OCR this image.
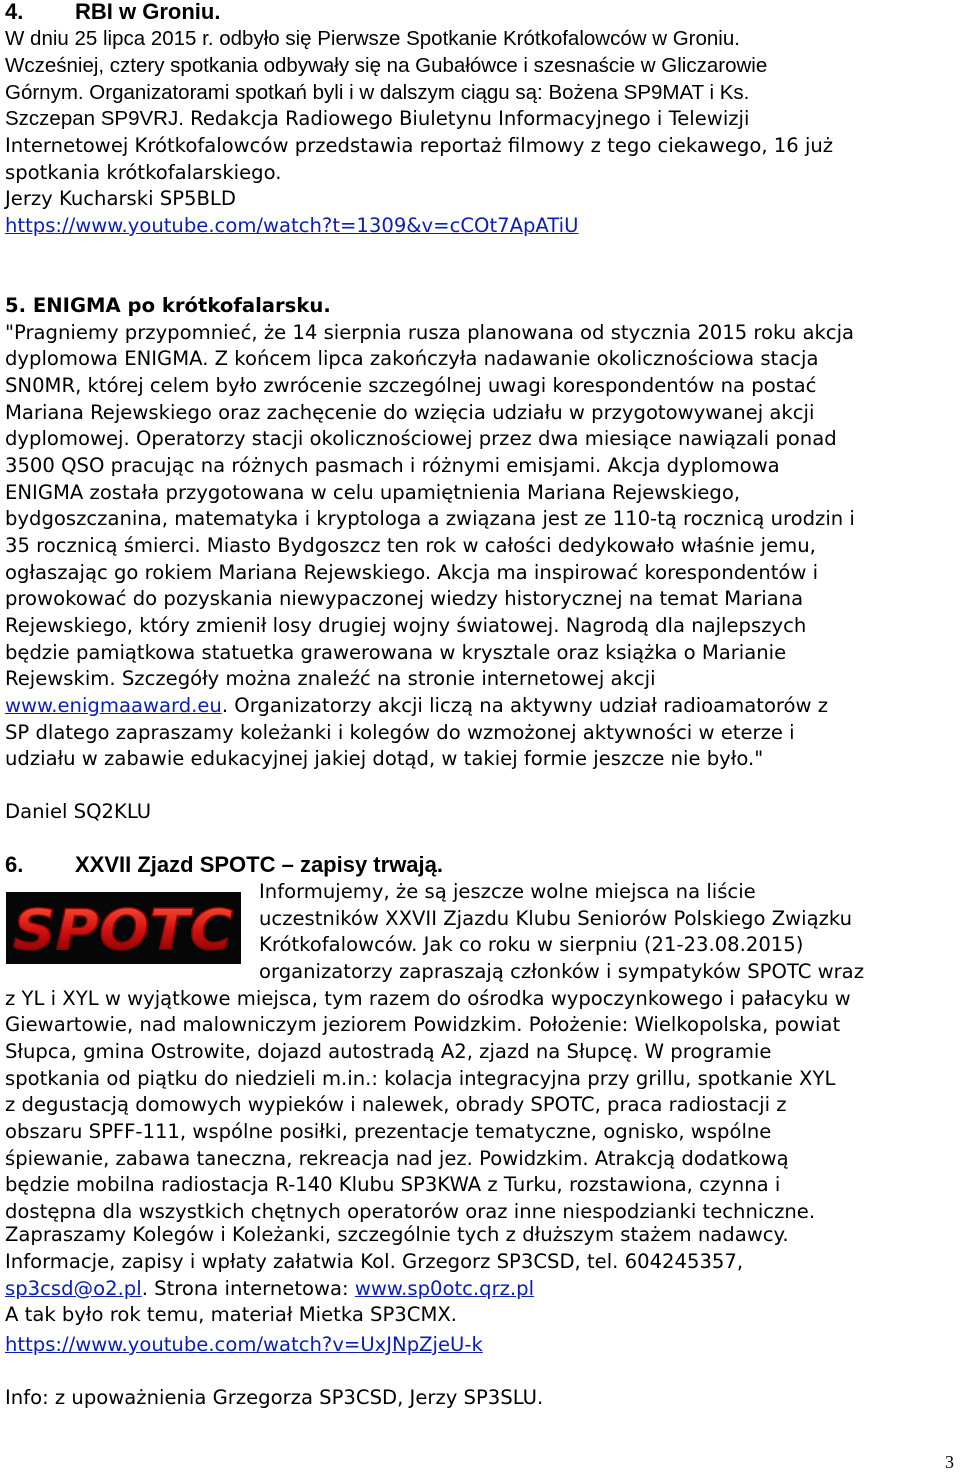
4. RBI w Groniu.
W dniu 25 lipca 2015 r. odbyło się Pierwsze Spotkanie Krótkofalowców w Groniu.
Wcześniej, cztery spotkania odbywały się na Gubałówce i szesnaście w Gliczarowie
Górnym. Organizatorami spotkań byli i w dalszym ciągu są: Bożena SP9MAT i Ks.
Szczepan SP9VRJ. Redakcja Radiowego Biuletynu Informacyjnego i Telewizji
Internetowej Krótkofalowców przedstawia reportaż filmowy z tego ciekawego, 16 już
spotkania krótkofalarskiego.
Jerzy Kucharski SP5BLD
https://www.youtube.com/watch?t=1309&v=cCOt7ApATiU
5. ENIGMA po krótkofalarsku.
"Pragniemy przypomnieć, że 14 sierpnia rusza planowana od stycznia 2015 roku akcja
dyplomowa ENIGMA. Z końcem lipca zakończyła nadawanie okolicznościowa stacja
SN0MR, której celem było zwrócenie szczególnej uwagi korespondentów na postać
Mariana Rejewskiego oraz zachęcenie do wzięcia udziału w przygotowywanej akcji
dyplomowej. Operatorzy stacji okolicznościowej przez dwa miesiące nawiązali ponad
3500 QSO pracując na różnych pasmach i różnymi emisjami. Akcja dyplomowa
ENIGMA została przygotowana w celu upamiętnienia Mariana Rejewskiego,
bydgoszczanina, matematyka i kryptologa a związana jest ze 110-tą rocznicą urodzin i
35 rocznicą śmierci. Miasto Bydgoszcz ten rok w całości dedykowało właśnie jemu,
ogłaszając go rokiem Mariana Rejewskiego. Akcja ma inspirować korespondentów i
prowokować do pozyskania niewypaczonej wiedzy historycznej na temat Mariana
Rejewskiego, który zmienił losy drugiej wojny światowej. Nagrodą dla najlepszych
będzie pamiątkowa statuetka grawerowana w krysztale oraz książka o Marianie
Rejewskim. Szczegóły można znaleźć na stronie internetowej akcji
www.enigmaaward.eu. Organizatorzy akcji liczą na aktywny udział radioamatorów z
SP dlatego zapraszamy koleżanki i kolegów do wzmożonej aktywności w eterze i
udziału w zabawie edukacyjnej jakiej dotąd, w takiej formie jeszcze nie było."
Daniel SQ2KLU
6. XXVII Zjazd SPOTC – zapisy trwają.
SPOTC
Informujemy, że są jeszcze wolne miejsca na liście
uczestników XXVII Zjazdu Klubu Seniorów Polskiego Związku
Krótkofalowców. Jak co roku w sierpniu (21-23.08.2015)
organizatorzy zapraszają członków i sympatyków SPOTC wraz
z YL i XYL w wyjątkowe miejsca, tym razem do ośrodka wypoczynkowego i pałacyku w
Giewartowie, nad malowniczym jeziorem Powidzkim. Położenie: Wielkopolska, powiat
Słupca, gmina Ostrowite, dojazd autostradą A2, zjazd na Słupcę. W programie
spotkania od piątku do niedzieli m.in.: kolacja integracyjna przy grillu, spotkanie XYL
z degustacją domowych wypieków i nalewek, obrady SPOTC, praca radiostacji z
obszaru SPFF-111, wspólne posiłki, prezentacje tematyczne, ognisko, wspólne
śpiewanie, zabawa taneczna, rekreacja nad jez. Powidzkim. Atrakcją dodatkową
będzie mobilna radiostacja R-140 Klubu SP3KWA z Turku, rozstawiona, czynna i
dostępna dla wszystkich chętnych operatorów oraz inne niespodzianki techniczne.
Zapraszamy Kolegów i Koleżanki, szczególnie tych z dłuższym stażem nadawcy.
Informacje, zapisy i wpłaty załatwia Kol. Grzegorz SP3CSD, tel. 604245357,
sp3csd@o2.pl. Strona internetowa: www.sp0otc.qrz.pl
A tak było rok temu, materiał Mietka SP3CMX.
https://www.youtube.com/watch?v=UxJNpZjeU-k
Info: z upoważnienia Grzegorza SP3CSD, Jerzy SP3SLU.
3
